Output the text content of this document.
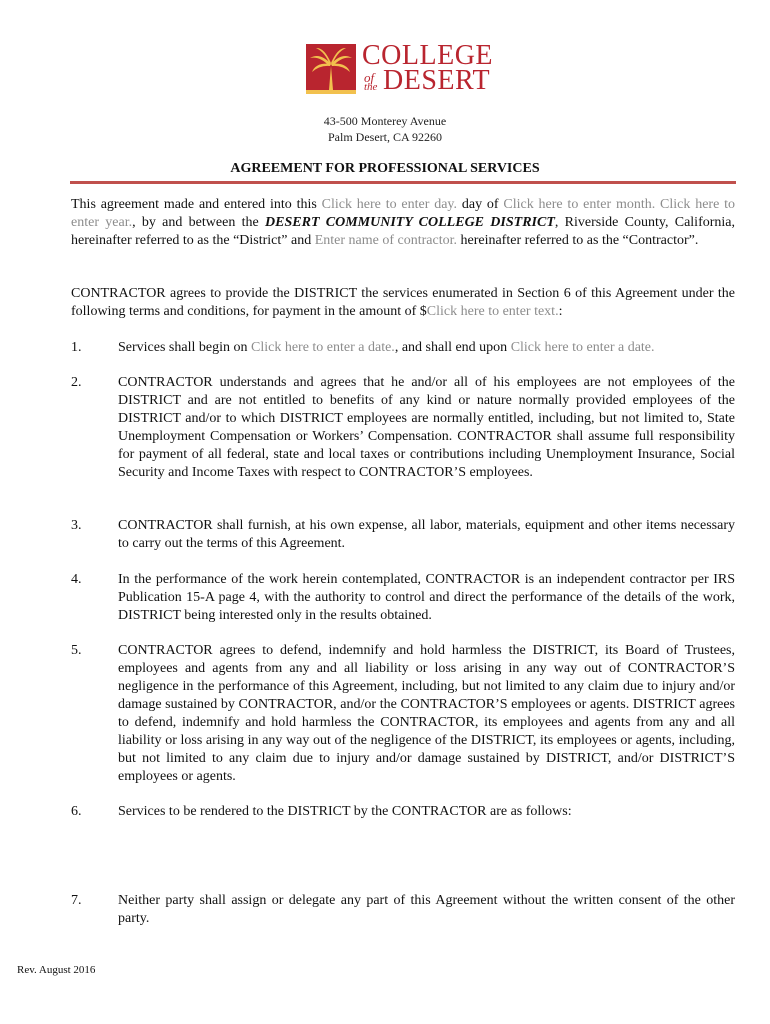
COLLEGE
of
the DESERT
43-500 Monterey Avenue
Palm Desert, CA 92260
AGREEMENT FOR PROFESSIONAL SERVICES
This agreement made and entered into this Click here to enter day. day of Click here to enter month. Click here to enter year., by and between the DESERT COMMUNITY COLLEGE DISTRICT, Riverside County, California, hereinafter referred to as the “District” and Enter name of contractor. hereinafter referred to as the “Contractor”.
CONTRACTOR agrees to provide the DISTRICT the services enumerated in Section 6 of this Agreement under the following terms and conditions, for payment in the amount of $Click here to enter text.:
1.	Services shall begin on Click here to enter a date., and shall end upon Click here to enter a date.
2.	CONTRACTOR understands and agrees that he and/or all of his employees are not employees of the DISTRICT and are not entitled to benefits of any kind or nature normally provided employees of the DISTRICT and/or to which DISTRICT employees are normally entitled, including, but not limited to, State Unemployment Compensation or Workers’ Compensation. CONTRACTOR shall assume full responsibility for payment of all federal, state and local taxes or contributions including Unemployment Insurance, Social Security and Income Taxes with respect to CONTRACTOR’S employees.
3.	CONTRACTOR shall furnish, at his own expense, all labor, materials, equipment and other items necessary to carry out the terms of this Agreement.
4.	In the performance of the work herein contemplated, CONTRACTOR is an independent contractor per IRS Publication 15-A page 4, with the authority to control and direct the performance of the details of the work, DISTRICT being interested only in the results obtained.
5.	CONTRACTOR agrees to defend, indemnify and hold harmless the DISTRICT, its Board of Trustees, employees and agents from any and all liability or loss arising in any way out of CONTRACTOR’S negligence in the performance of this Agreement, including, but not limited to any claim due to injury and/or damage sustained by CONTRACTOR, and/or the CONTRACTOR’S employees or agents. DISTRICT agrees to defend, indemnify and hold harmless the CONTRACTOR, its employees and agents from any and all liability or loss arising in any way out of the negligence of the DISTRICT, its employees or agents, including, but not limited to any claim due to injury and/or damage sustained by DISTRICT, and/or DISTRICT’S employees or agents.
6.	Services to be rendered to the DISTRICT by the CONTRACTOR are as follows:
7.	Neither party shall assign or delegate any part of this Agreement without the written consent of the other party.
Rev. August 2016
